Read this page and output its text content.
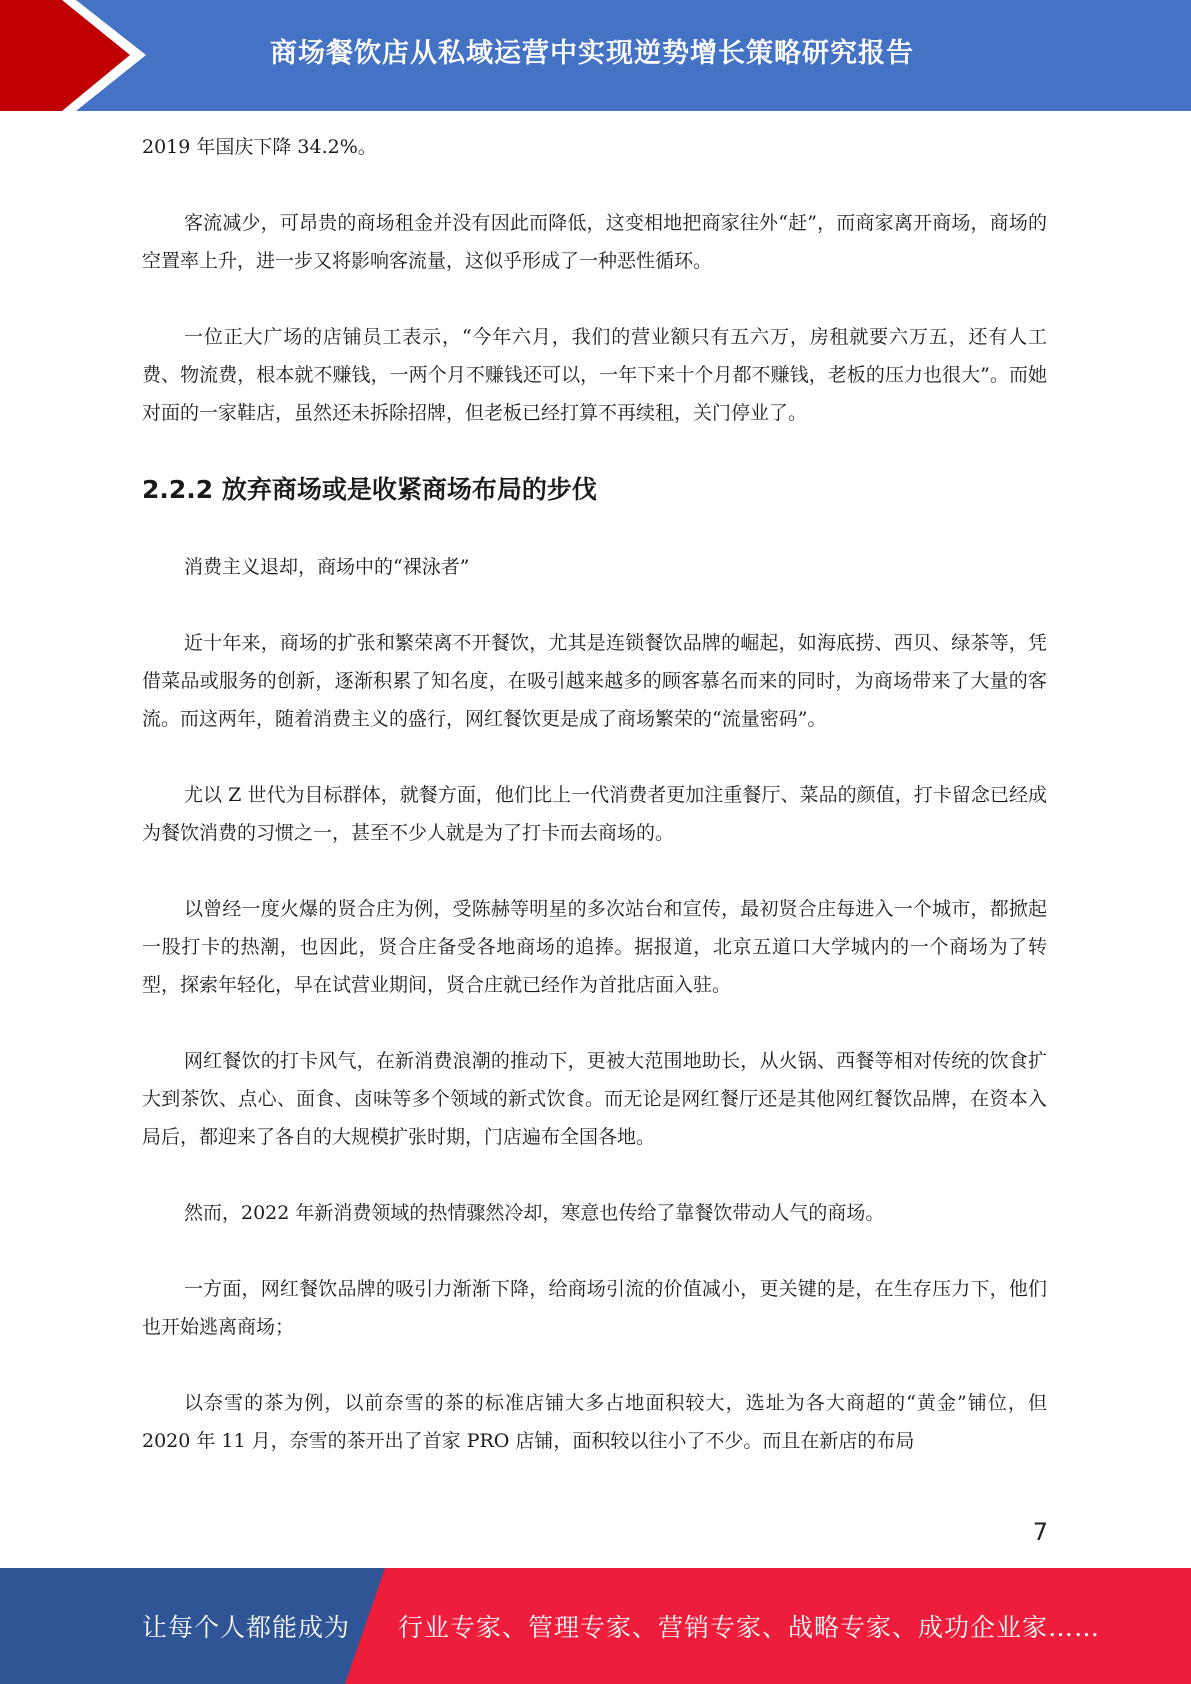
商场餐饮店从私域运营中实现逆势增长策略研究报告

2019 年国庆下降 34.2%。

客流减少，可昂贵的商场租金并没有因此而降低，这变相地把商家往外“赶”，而商家离开商场，商场的空置率上升，进一步又将影响客流量，这似乎形成了一种恶性循环。

一位正大广场的店铺员工表示，“今年六月，我们的营业额只有五六万，房租就要六万五，还有人工费、物流费，根本就不赚钱，一两个月不赚钱还可以，一年下来十个月都不赚钱，老板的压力也很大”。而她对面的一家鞋店，虽然还未拆除招牌，但老板已经打算不再续租，关门停业了。

2.2.2 放弃商场或是收紧商场布局的步伐

消费主义退却，商场中的“裸泳者”

近十年来，商场的扩张和繁荣离不开餐饮，尤其是连锁餐饮品牌的崛起，如海底捞、西贝、绿茶等，凭借菜品或服务的创新，逐渐积累了知名度，在吸引越来越多的顾客慕名而来的同时，为商场带来了大量的客流。而这两年，随着消费主义的盛行，网红餐饮更是成了商场繁荣的“流量密码”。

尤以 Z 世代为目标群体，就餐方面，他们比上一代消费者更加注重餐厅、菜品的颜值，打卡留念已经成为餐饮消费的习惯之一，甚至不少人就是为了打卡而去商场的。

以曾经一度火爆的贤合庄为例，受陈赫等明星的多次站台和宣传，最初贤合庄每进入一个城市，都掀起一股打卡的热潮，也因此，贤合庄备受各地商场的追捧。据报道，北京五道口大学城内的一个商场为了转型，探索年轻化，早在试营业期间，贤合庄就已经作为首批店面入驻。

网红餐饮的打卡风气，在新消费浪潮的推动下，更被大范围地助长，从火锅、西餐等相对传统的饮食扩大到茶饮、点心、面食、卤味等多个领域的新式饮食。而无论是网红餐厅还是其他网红餐饮品牌，在资本入局后，都迎来了各自的大规模扩张时期，门店遍布全国各地。

然而，2022 年新消费领域的热情骤然冷却，寒意也传给了靠餐饮带动人气的商场。

一方面，网红餐饮品牌的吸引力渐渐下降，给商场引流的价值减小，更关键的是，在生存压力下，他们也开始逃离商场；

以奈雪的茶为例，以前奈雪的茶的标准店铺大多占地面积较大，选址为各大商超的“黄金”铺位，但 2020 年 11 月，奈雪的茶开出了首家 PRO 店铺，面积较以往小了不少。而且在新店的布局

7
让每个人都能成为 行业专家、管理专家、营销专家、战略专家、成功企业家……
